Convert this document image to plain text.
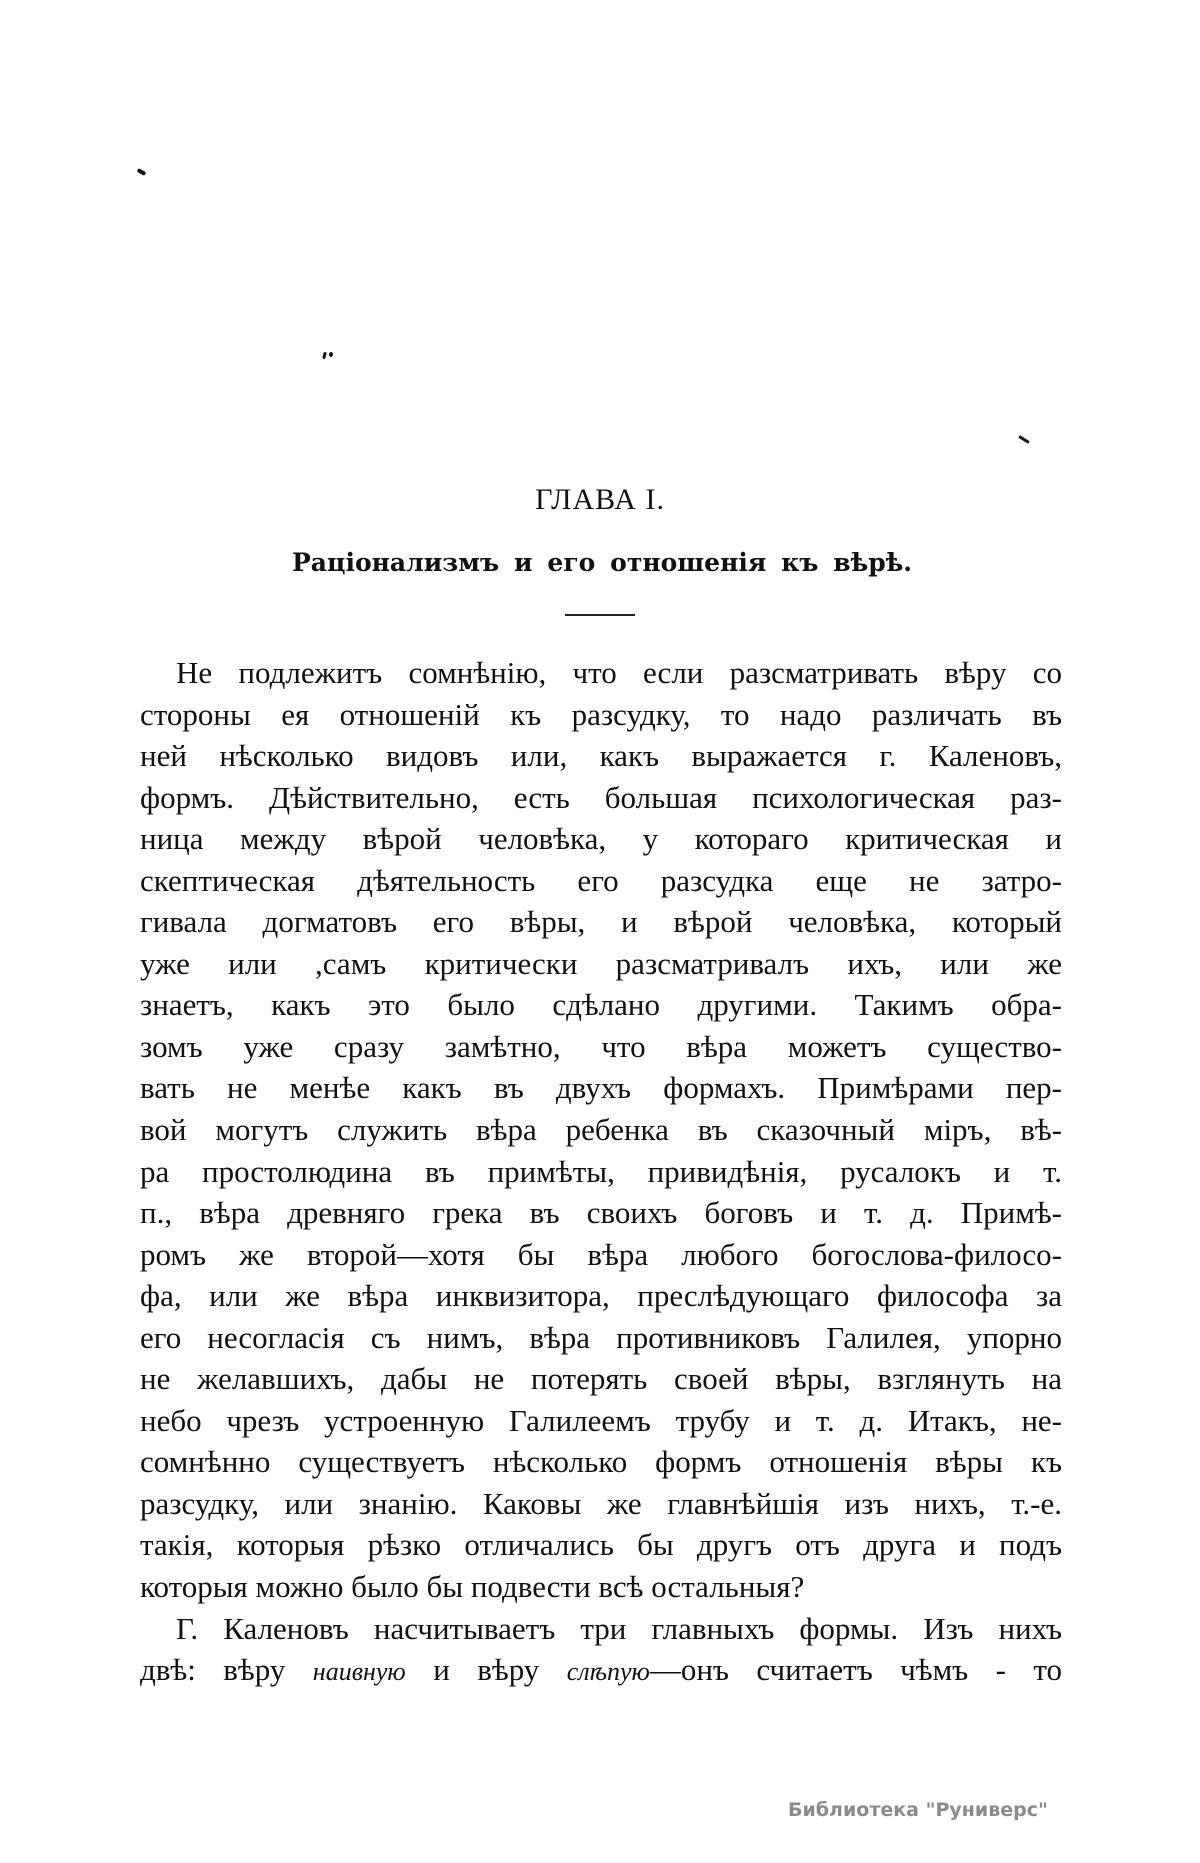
ГЛАВА I.
Раціонализмъ и его отношенія къ вѣрѣ.
Не подлежитъ сомнѣнію, что если разсматривать вѣру со
стороны ея отношеній къ разсудку, то надо различать въ
ней нѣсколько видовъ или, какъ выражается г. Каленовъ,
формъ. Дѣйствительно, есть большая психологическая раз-
ница между вѣрой человѣка, у котораго критическая и
скептическая дѣятельность его разсудка еще не затро-
гивала догматовъ его вѣры, и вѣрой человѣка, который
уже или ,самъ критически разсматривалъ ихъ, или же
знаетъ, какъ это было сдѣлано другими. Такимъ обра-
зомъ уже сразу замѣтно, что вѣра можетъ существо-
вать не менѣе какъ въ двухъ формахъ. Примѣрами пер-
вой могутъ служить вѣра ребенка въ сказочный міръ, вѣ-
ра простолюдина въ примѣты, привидѣнія, русалокъ и т.
п., вѣра древняго грека въ своихъ боговъ и т. д. Примѣ-
ромъ же второй—хотя бы вѣра любого богослова-филосо-
фа, или же вѣра инквизитора, преслѣдующаго философа за
его несогласія съ нимъ, вѣра противниковъ Галилея, упорно
не желавшихъ, дабы не потерять своей вѣры, взглянуть на
небо чрезъ устроенную Галилеемъ трубу и т. д. Итакъ, не-
сомнѣнно существуетъ нѣсколько формъ отношенія вѣры къ
разсудку, или знанію. Каковы же главнѣйшія изъ нихъ, т.-е.
такія, которыя рѣзко отличались бы другъ отъ друга и подъ
которыя можно было бы подвести всѣ остальныя?
Г. Каленовъ насчитываетъ три главныхъ формы. Изъ нихъ
двѣ: вѣру наивную и вѣру слѣпую—онъ считаетъ чѣмъ - то
Библиотека "Руниверс"
